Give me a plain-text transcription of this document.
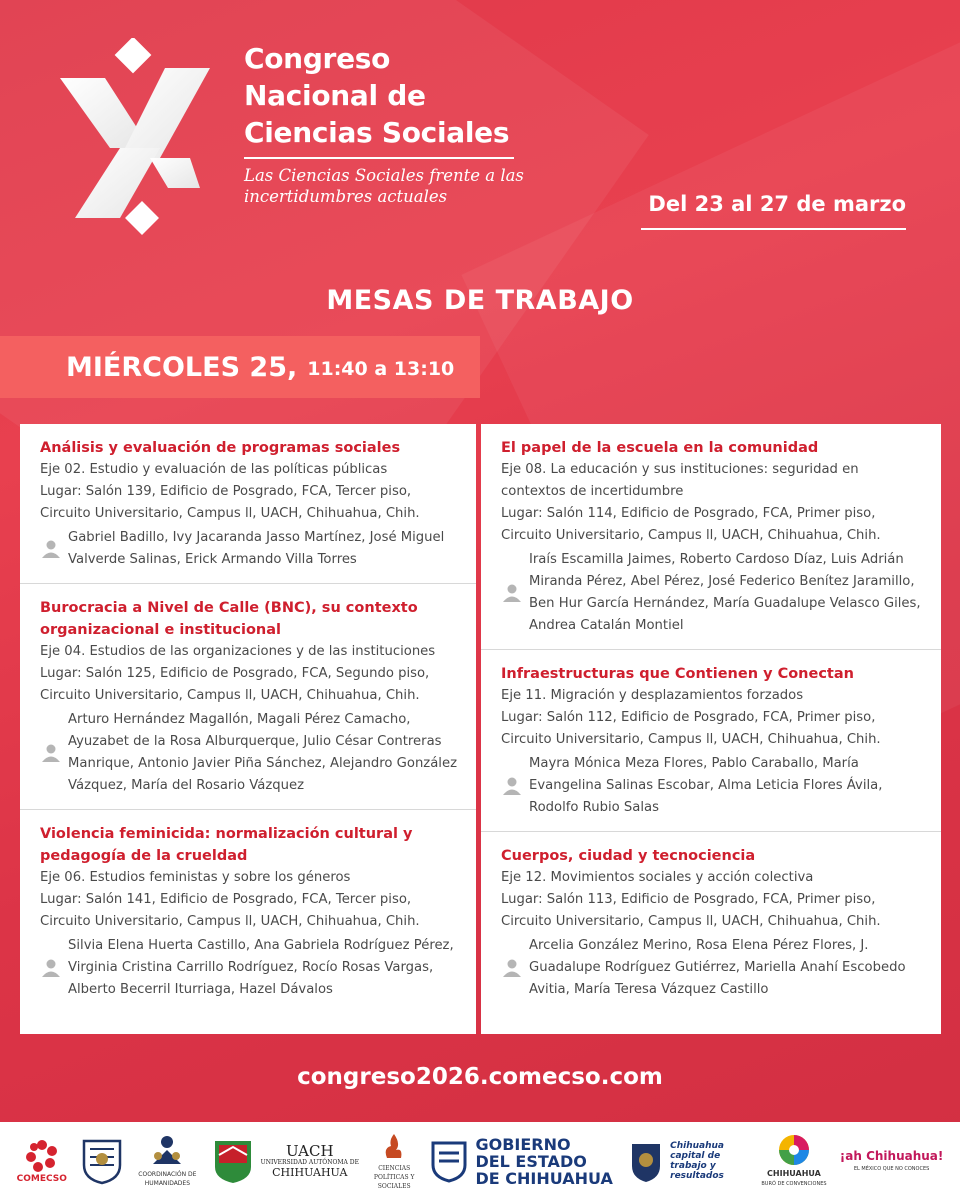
Congreso
Nacional de
Ciencias Sociales
Las Ciencias Sociales frente a las
incertidumbres actuales	Del 23 al 27 de marzo
MESAS DE TRABAJO
MIÉRCOLES 25, 11:40 a 13:10
Análisis y evaluación de programas sociales
Eje 02. Estudio y evaluación de las políticas públicas
Lugar: Salón 139, Edificio de Posgrado, FCA, Tercer piso, Circuito Universitario, Campus ll, UACH, Chihuahua, Chih.
Gabriel Badillo, Ivy Jacaranda Jasso Martínez, José Miguel Valverde Salinas, Erick Armando Villa Torres
Burocracia a Nivel de Calle (BNC), su contexto organizacional e institucional
Eje 04. Estudios de las organizaciones y de las instituciones
Lugar: Salón 125, Edificio de Posgrado, FCA, Segundo piso, Circuito Universitario, Campus ll, UACH, Chihuahua, Chih.
Arturo Hernández Magallón, Magali Pérez Camacho, Ayuzabet de la Rosa Alburquerque, Julio César Contreras Manrique, Antonio Javier Piña Sánchez, Alejandro González Vázquez, María del Rosario Vázquez
Violencia feminicida: normalización cultural y pedagogía de la crueldad
Eje 06. Estudios feministas y sobre los géneros
Lugar: Salón 141, Edificio de Posgrado, FCA, Tercer piso, Circuito Universitario, Campus ll, UACH, Chihuahua, Chih.
Silvia Elena Huerta Castillo, Ana Gabriela Rodríguez Pérez, Virginia Cristina Carrillo Rodríguez, Rocío Rosas Vargas, Alberto Becerril Iturriaga, Hazel Dávalos
El papel de la escuela en la comunidad
Eje 08. La educación y sus instituciones: seguridad en contextos de incertidumbre
Lugar: Salón 114, Edificio de Posgrado, FCA, Primer piso, Circuito Universitario, Campus ll, UACH, Chihuahua, Chih.
Iraís Escamilla Jaimes, Roberto Cardoso Díaz, Luis Adrián Miranda Pérez, Abel Pérez, José Federico Benítez Jaramillo, Ben Hur García Hernández, María Guadalupe Velasco Giles, Andrea Catalán Montiel
Infraestructuras que Contienen y Conectan
Eje 11. Migración y desplazamientos forzados
Lugar: Salón 112, Edificio de Posgrado, FCA, Primer piso, Circuito Universitario, Campus ll, UACH, Chihuahua, Chih.
Mayra Mónica Meza Flores, Pablo Caraballo, María Evangelina Salinas Escobar, Alma Leticia Flores Ávila, Rodolfo Rubio Salas
Cuerpos, ciudad y tecnociencia
Eje 12. Movimientos sociales y acción colectiva
Lugar: Salón 113, Edificio de Posgrado, FCA, Primer piso, Circuito Universitario, Campus ll, UACH, Chihuahua, Chih.
Arcelia González Merino, Rosa Elena Pérez Flores, J. Guadalupe Rodríguez Gutiérrez, Mariella Anahí Escobedo Avitia, María Teresa Vázquez Castillo
congreso2026.comecso.com
COMECSO	COORDINACIÓN DE HUMANIDADES
UACH
UNIVERSIDAD AUTÓNOMA DE
CHIHUAHUA	CIENCIAS POLÍTICAS Y SOCIALES
GOBIERNO
DEL ESTADO
DE CHIHUAHUA
Chihuahua capital de trabajo y resultados	CHIHUAHUA
BURÓ DE CONVENCIONES
¡ah Chihuahua!
EL MÉXICO QUE NO CONOCES
